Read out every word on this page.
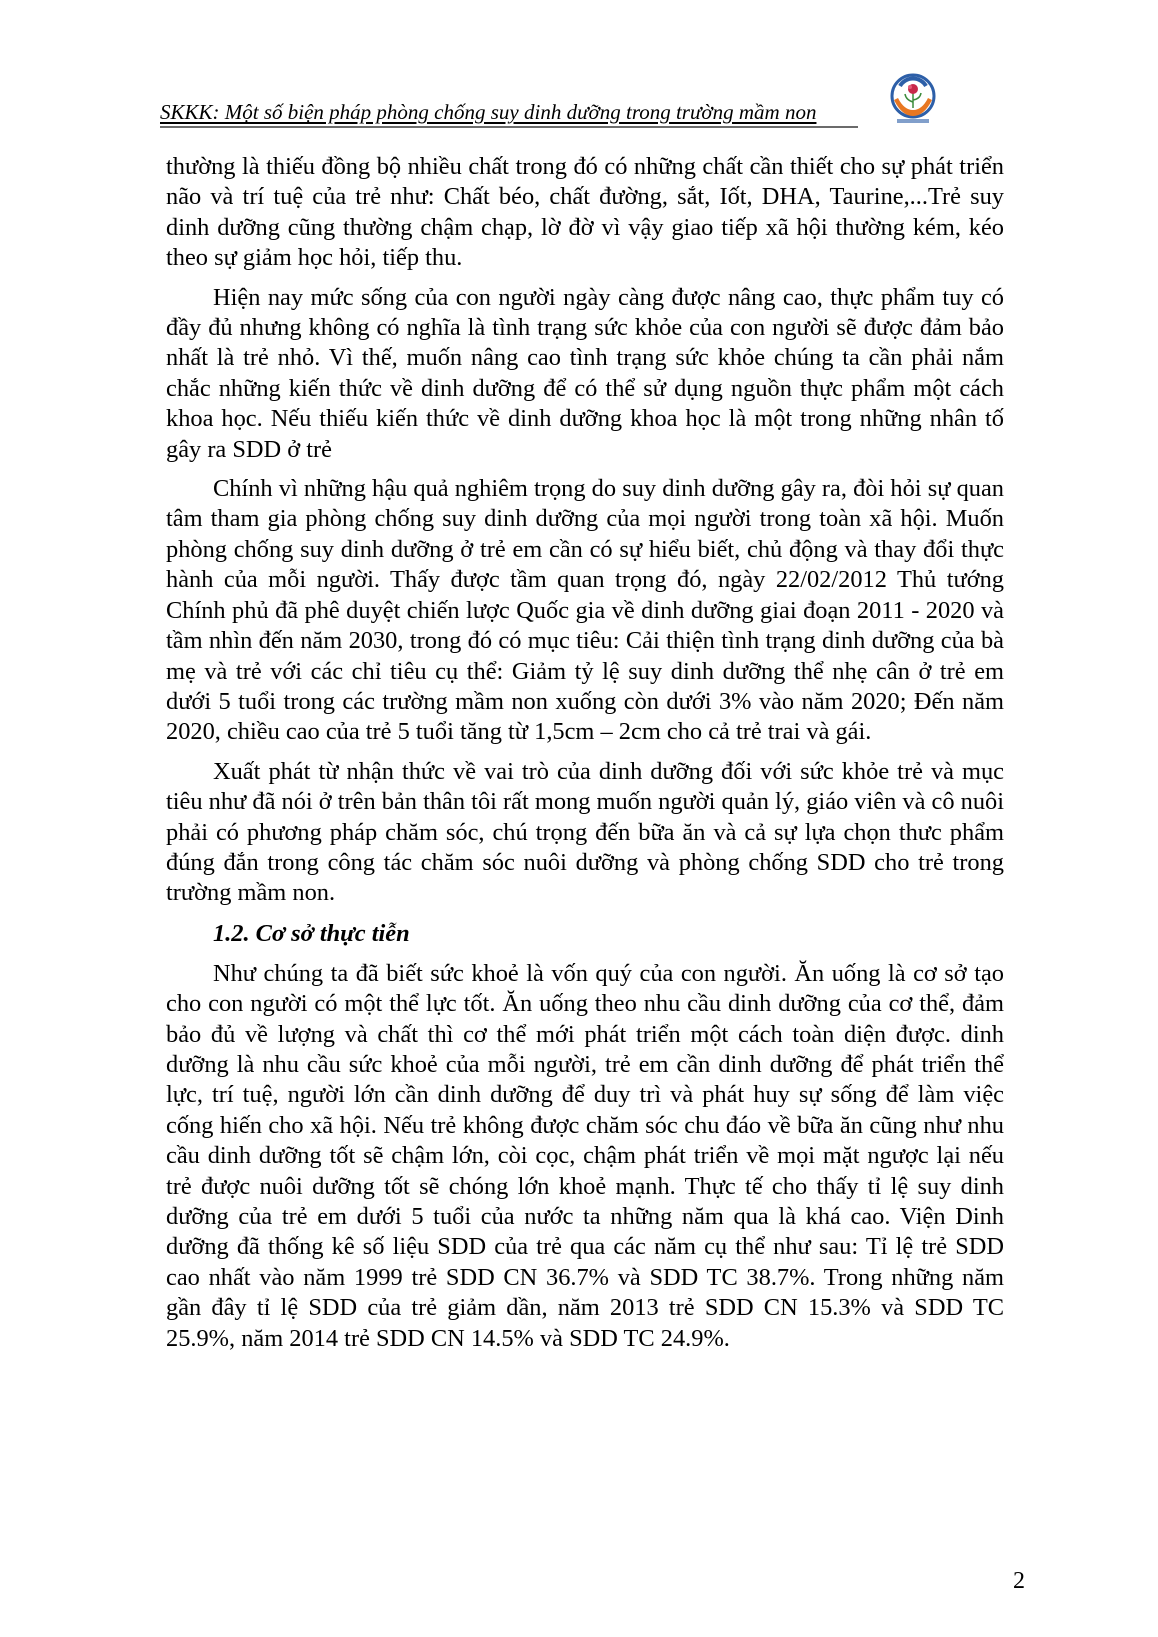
SKKK: Một số biện pháp phòng chống suy dinh dưỡng trong trường mầm non

thường là thiếu đồng bộ nhiều chất trong đó có những chất cần thiết cho sự phát triển não và trí tuệ của trẻ như: Chất béo, chất đường, sắt, Iốt, DHA, Taurine,...Trẻ suy dinh dưỡng cũng thường chậm chạp, lờ đờ vì vậy giao tiếp xã hội thường kém, kéo theo sự giảm học hỏi, tiếp thu.

Hiện nay mức sống của con người ngày càng được nâng cao, thực phẩm tuy có đầy đủ nhưng không có nghĩa là tình trạng sức khỏe của con người sẽ được đảm bảo nhất là trẻ nhỏ. Vì thế, muốn nâng cao tình trạng sức khỏe chúng ta cần phải nắm chắc những kiến thức về dinh dưỡng để có thể sử dụng nguồn thực phẩm một cách khoa học. Nếu thiếu kiến thức về dinh dưỡng khoa học là một trong những nhân tố gây ra SDD ở trẻ

Chính vì những hậu quả nghiêm trọng do suy dinh dưỡng gây ra, đòi hỏi sự quan tâm tham gia phòng chống suy dinh dưỡng của mọi người trong toàn xã hội. Muốn phòng chống suy dinh dưỡng ở trẻ em cần có sự hiểu biết, chủ động và thay đổi thực hành của mỗi người. Thấy được tầm quan trọng đó, ngày 22/02/2012 Thủ tướng Chính phủ đã phê duyệt chiến lược Quốc gia về dinh dưỡng giai đoạn 2011 - 2020 và tầm nhìn đến năm 2030, trong đó có mục tiêu: Cải thiện tình trạng dinh dưỡng của bà mẹ và trẻ với các chỉ tiêu cụ thể: Giảm tỷ lệ suy dinh dưỡng thể nhẹ cân ở trẻ em dưới 5 tuổi trong các trường mầm non xuống còn dưới 3% vào năm 2020; Đến năm 2020, chiều cao của trẻ 5 tuổi tăng từ 1,5cm – 2cm cho cả trẻ trai và gái.

Xuất phát từ nhận thức về vai trò của dinh dưỡng đối với sức khỏe trẻ và mục tiêu như đã nói ở trên bản thân tôi rất mong muốn người quản lý, giáo viên và cô nuôi phải có phương pháp chăm sóc, chú trọng đến bữa ăn và cả sự lựa chọn thưc phẩm đúng đắn trong công tác chăm sóc nuôi dưỡng và phòng chống SDD cho trẻ trong trường mầm non.

1.2. Cơ sở thực tiễn

Như chúng ta đã biết sức khoẻ là vốn quý của con người. Ăn uống là cơ sở tạo cho con người có một thể lực tốt. Ăn uống theo nhu cầu dinh dưỡng của cơ thể, đảm bảo đủ về lượng và chất thì cơ thể mới phát triển một cách toàn diện được. dinh dưỡng là nhu cầu sức khoẻ của mỗi người, trẻ em cần dinh dưỡng để phát triển thể lực, trí tuệ, người lớn cần dinh dưỡng để duy trì và phát huy sự sống để làm việc cống hiến cho xã hội. Nếu trẻ không được chăm sóc chu đáo về bữa ăn cũng như nhu cầu dinh dưỡng tốt sẽ chậm lớn, còi cọc, chậm phát triển về mọi mặt ngược lại nếu trẻ được nuôi dưỡng tốt sẽ chóng lớn khoẻ mạnh. Thực tế cho thấy tỉ lệ suy dinh dưỡng của trẻ em dưới 5 tuổi của nước ta những năm qua là khá cao. Viện Dinh dưỡng đã thống kê số liệu SDD của trẻ qua các năm cụ thể như sau: Tỉ lệ trẻ SDD cao nhất vào năm 1999 trẻ SDD CN 36.7% và SDD TC 38.7%. Trong những năm gần đây tỉ lệ SDD của trẻ giảm dần, năm 2013 trẻ SDD CN 15.3% và SDD TC 25.9%, năm 2014 trẻ SDD CN 14.5% và SDD TC 24.9%.

2
